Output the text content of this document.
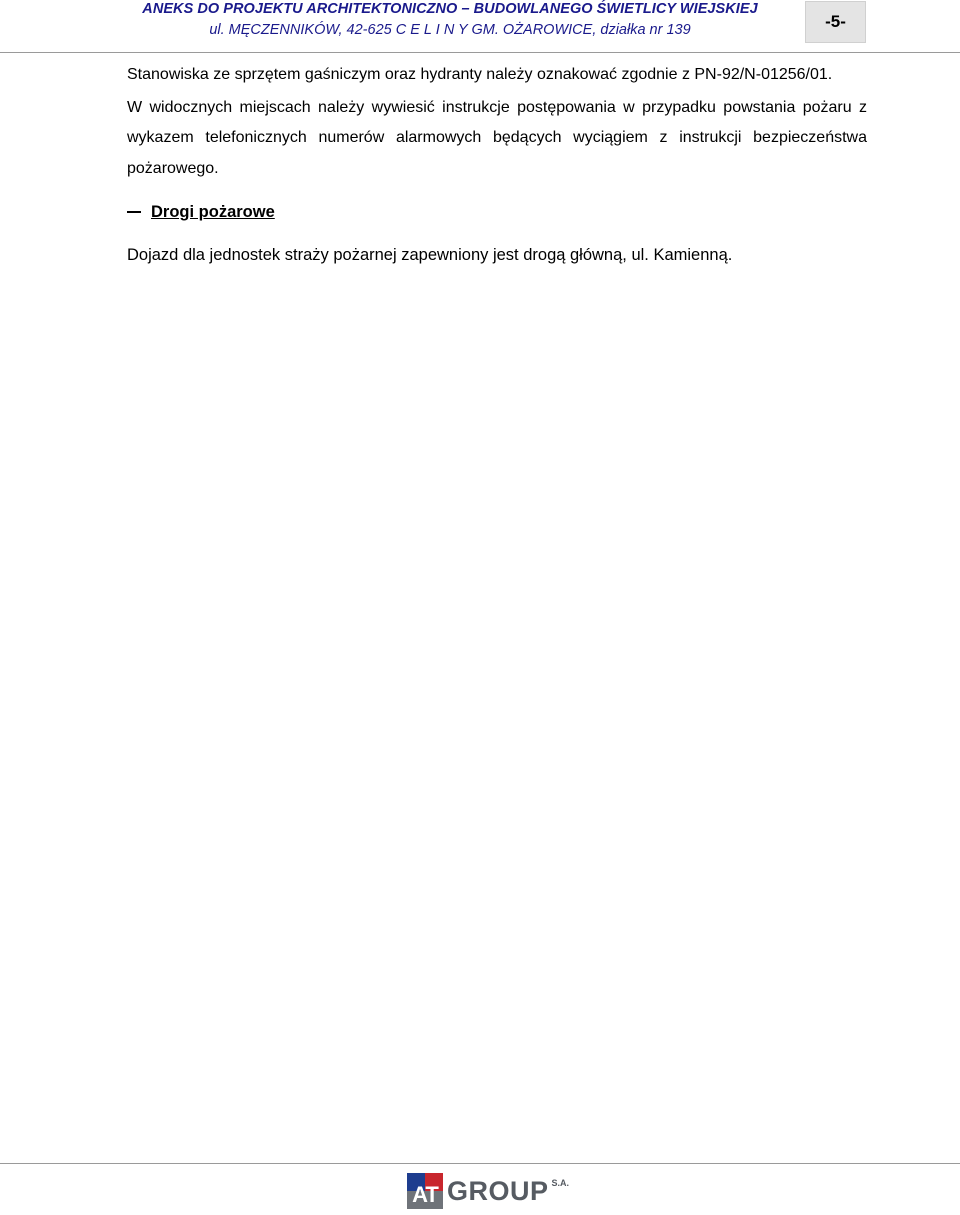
ANEKS DO PROJEKTU ARCHITEKTONICZNO – BUDOWLANEGO ŚWIETLICY WIEJSKIEJ
ul. MĘCZENNIKÓW, 42-625 C E L I N Y GM. OŻAROWICE, działka nr 139	-5-

Stanowiska ze sprzętem gaśniczym oraz hydranty należy oznakować zgodnie z PN-92/N-01256/01.

W widocznych miejscach należy wywiesić instrukcje postępowania w przypadku powstania pożaru z wykazem telefonicznych numerów alarmowych będących wyciągiem z instrukcji bezpieczeństwa pożarowego.

Drogi pożarowe

Dojazd dla jednostek straży pożarnej zapewniony jest drogą główną, ul. Kamienną.

AT GROUP S.A.
